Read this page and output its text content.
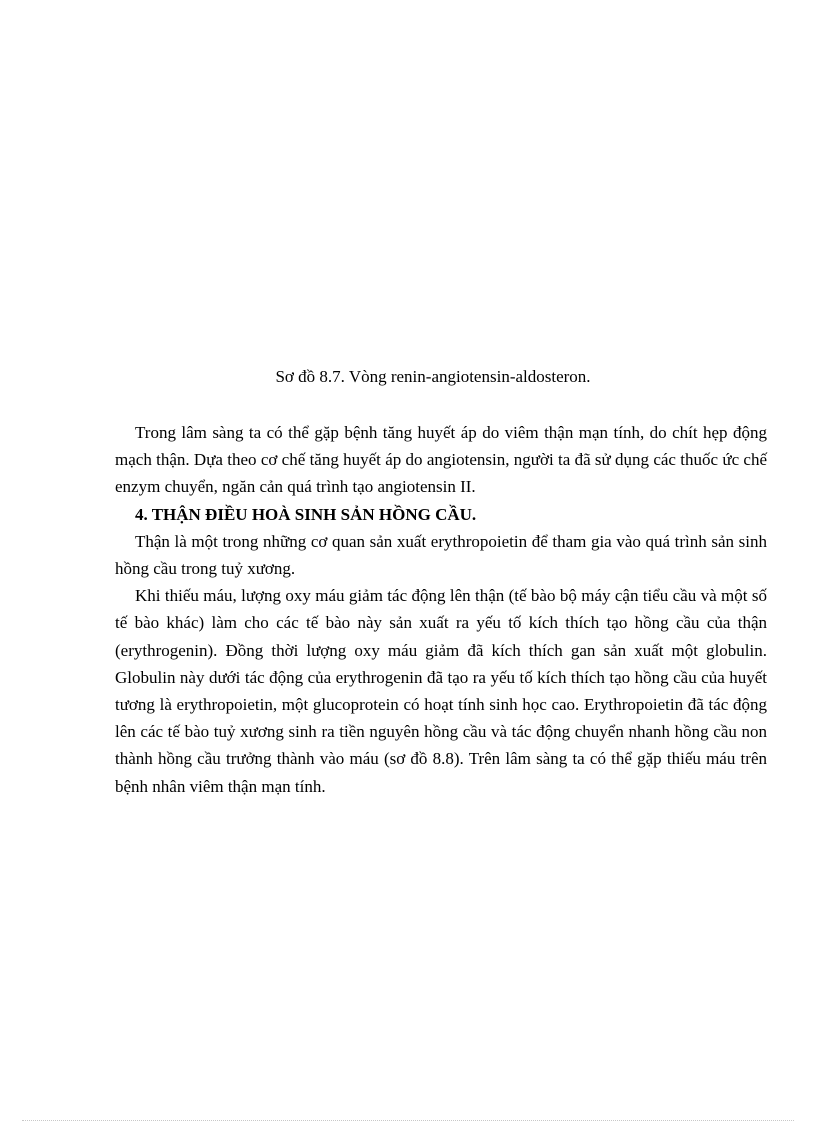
Sơ đồ 8.7. Vòng renin-angiotensin-aldosteron.

Trong lâm sàng ta có thể gặp bệnh tăng huyết áp do viêm thận mạn tính, do chít hẹp động mạch thận. Dựa theo cơ chế tăng huyết áp do angiotensin, người ta đã sử dụng các thuốc ức chế enzym chuyển, ngăn cản quá trình tạo angiotensin II.

4. THẬN ĐIỀU HOÀ SINH SẢN HỒNG CẦU.

Thận là một trong những cơ quan sản xuất erythropoietin để tham gia vào quá trình sản sinh hồng cầu trong tuỷ xương.

Khi thiếu máu, lượng oxy máu giảm tác động lên thận (tế bào bộ máy cận tiểu cầu và một số tế bào khác) làm cho các tế bào này sản xuất ra yếu tố kích thích tạo hồng cầu của thận (erythrogenin). Đồng thời lượng oxy máu giảm đã kích thích gan sản xuất một globulin. Globulin này dưới tác động của erythrogenin đã tạo ra yếu tố kích thích tạo hồng cầu của huyết tương là erythropoietin, một glucoprotein có hoạt tính sinh học cao. Erythropoietin đã tác động lên các tế bào tuỷ xương sinh ra tiền nguyên hồng cầu và tác động chuyển nhanh hồng cầu non thành hồng cầu trưởng thành vào máu (sơ đồ 8.8). Trên lâm sàng ta có thể gặp thiếu máu trên bệnh nhân viêm thận mạn tính.
